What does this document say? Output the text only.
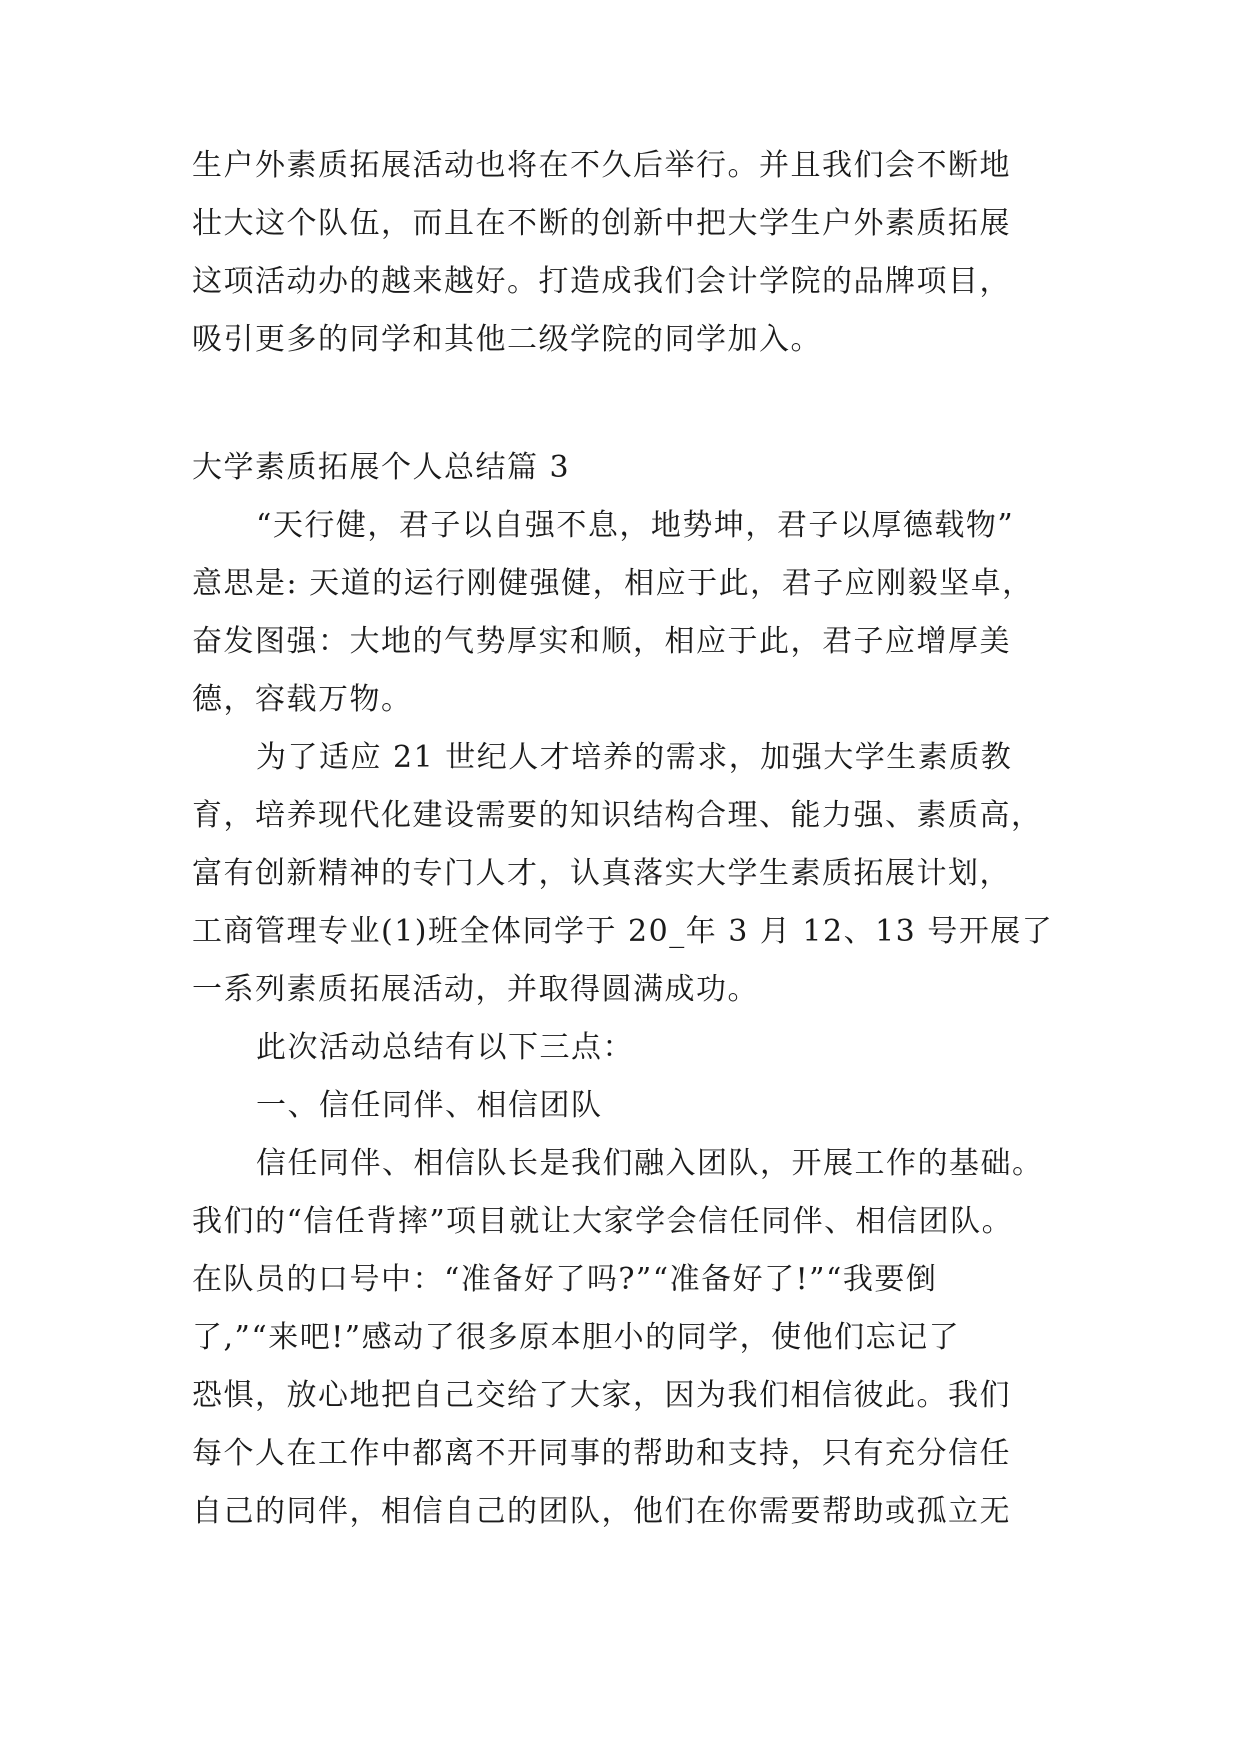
生户外素质拓展活动也将在不久后举行。并且我们会不断地
壮大这个队伍，而且在不断的创新中把大学生户外素质拓展
这项活动办的越来越好。打造成我们会计学院的品牌项目，
吸引更多的同学和其他二级学院的同学加入。
大学素质拓展个人总结篇 3
“天行健，君子以自强不息，地势坤，君子以厚德载物”
意思是: 天道的运行刚健强健，相应于此，君子应刚毅坚卓，
奋发图强：大地的气势厚实和顺，相应于此，君子应增厚美
德，容载万物。
为了适应 21 世纪人才培养的需求，加强大学生素质教
育，培养现代化建设需要的知识结构合理、能力强、素质高，
富有创新精神的专门人才，认真落实大学生素质拓展计划，
工商管理专业(1)班全体同学于 20_年 3 月 12、13 号开展了
一系列素质拓展活动，并取得圆满成功。
此次活动总结有以下三点：
一、信任同伴、相信团队
信任同伴、相信队长是我们融入团队，开展工作的基础。
我们的“信任背摔”项目就让大家学会信任同伴、相信团队。
在队员的口号中：“准备好了吗?”“准备好了!”“我要倒
了,”“来吧!”感动了很多原本胆小的同学，使他们忘记了
恐惧，放心地把自己交给了大家，因为我们相信彼此。我们
每个人在工作中都离不开同事的帮助和支持，只有充分信任
自己的同伴，相信自己的团队，他们在你需要帮助或孤立无
